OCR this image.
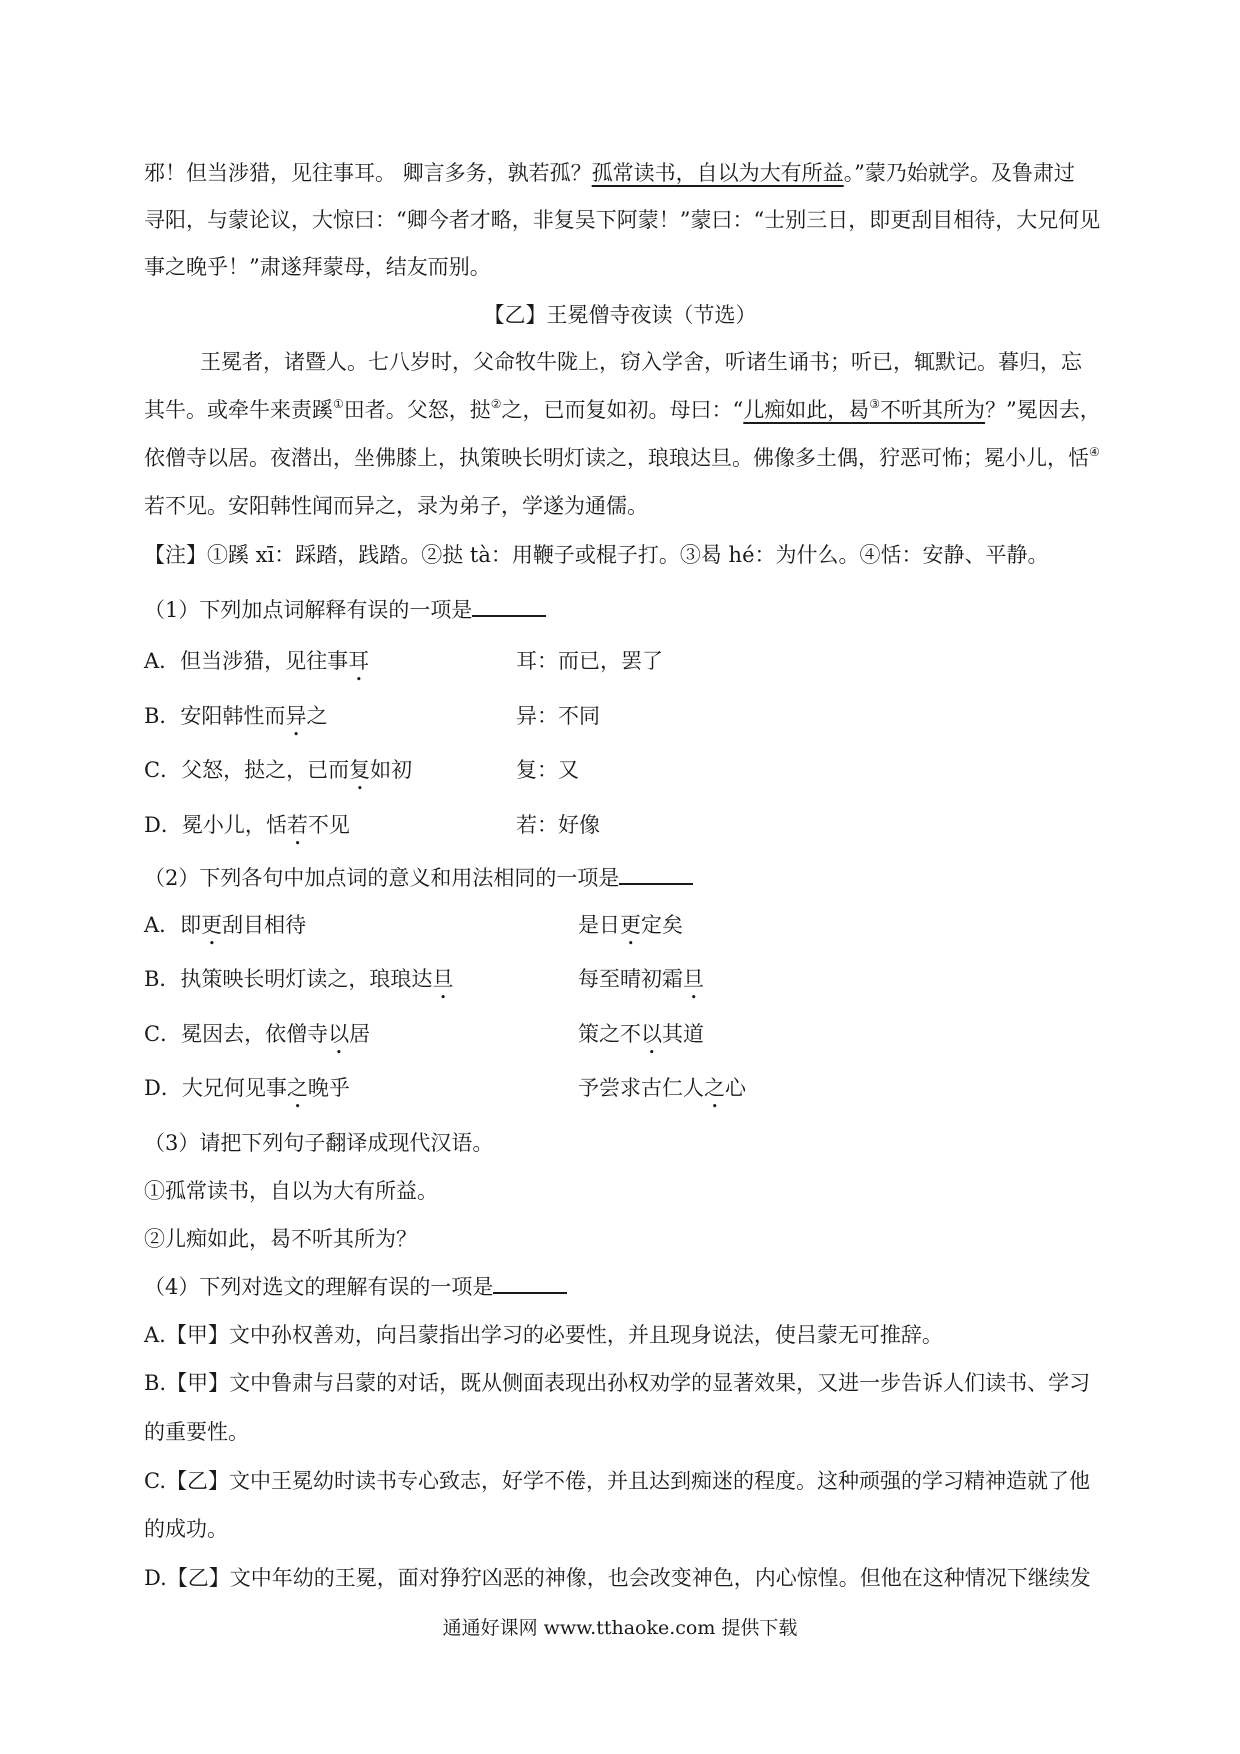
邪！但当涉猎，见往事耳。 卿言多务，孰若孤？孤常读书，自以为大有所益。”蒙乃始就学。及鲁肃过
寻阳，与蒙论议，大惊曰：“卿今者才略，非复吴下阿蒙！”蒙曰：“士别三日，即更刮目相待，大兄何见
事之晚乎！”肃遂拜蒙母，结友而别。
【乙】王冕僧寺夜读（节选）
王冕者，诸暨人。七八岁时，父命牧牛陇上，窃入学舍，听诸生诵书；听已，辄默记。暮归，忘
其牛。或牵牛来责蹊①田者。父怒，挞②之，已而复如初。母曰：“儿痴如此，曷③不听其所为？”冕因去，
依僧寺以居。夜潜出，坐佛膝上，执策映长明灯读之，琅琅达旦。佛像多土偶，狞恶可怖；冕小儿，恬④
若不见。安阳韩性闻而异之，录为弟子，学遂为通儒。
【注】①蹊 xī：踩踏，践踏。②挞 tà：用鞭子或棍子打。③曷 hé：为什么。④恬：安静、平静。
（1）下列加点词解释有误的一项是
A．但当涉猎，见往事耳	耳：而已，罢了
B．安阳韩性而异之	异：不同
C．父怒，挞之，已而复如初	复：又
D．冕小儿，恬若不见	若：好像
（2）下列各句中加点词的意义和用法相同的一项是
A．即更刮目相待	是日更定矣
B．执策映长明灯读之，琅琅达旦	每至晴初霜旦
C．冕因去，依僧寺以居	策之不以其道
D．大兄何见事之晚乎	予尝求古仁人之心
（3）请把下列句子翻译成现代汉语。
①孤常读书，自以为大有所益。
②儿痴如此，曷不听其所为？
（4）下列对选文的理解有误的一项是
A.【甲】文中孙权善劝，向吕蒙指出学习的必要性，并且现身说法，使吕蒙无可推辞。
B.【甲】文中鲁肃与吕蒙的对话，既从侧面表现出孙权劝学的显著效果，又进一步告诉人们读书、学习
的重要性。
C.【乙】文中王冕幼时读书专心致志，好学不倦，并且达到痴迷的程度。这种顽强的学习精神造就了他
的成功。
D.【乙】文中年幼的王冕，面对狰狞凶恶的神像，也会改变神色，内心惊惶。但他在这种情况下继续发
通通好课网 www.tthaoke.com 提供下载
